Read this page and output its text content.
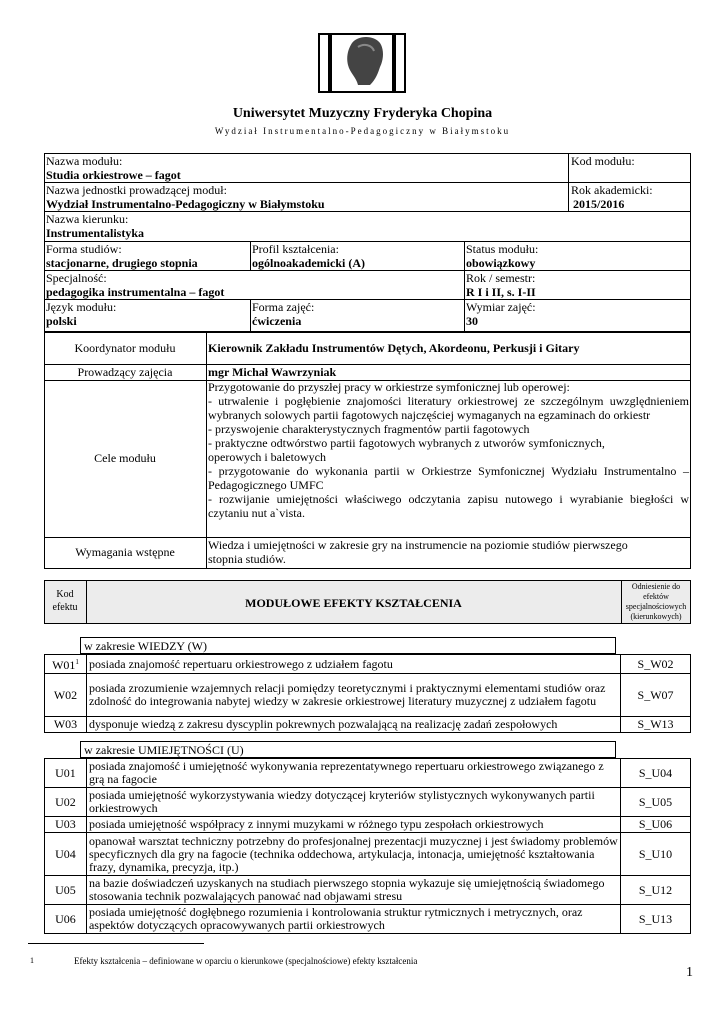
Uniwersytet Muzyczny Fryderyka Chopina
Wydział Instrumentalno-Pedagogiczny w Białymstoku
Nazwa modułu:
Studia orkiestrowe – fagot
Kod modułu:
Nazwa jednostki prowadzącej moduł:
Wydział Instrumentalno-Pedagogiczny w Białymstoku
Rok akademicki:
2015/2016
Nazwa kierunku:
Instrumentalistyka
Forma studiów:
stacjonarne, drugiego stopnia
Profil kształcenia:
ogólnoakademicki (A)
Status modułu:
obowiązkowy
Specjalność:
pedagogika instrumentalna – fagot
Rok / semestr:
R I i II, s. I-II
Język modułu:
polski
Forma zajęć:
ćwiczenia
Wymiar zajęć:
30
Koordynator modułu	Kierownik Zakładu Instrumentów Dętych, Akordeonu, Perkusji i Gitary
Prowadzący zajęcia	mgr Michał Wawrzyniak
Cele modułu
Przygotowanie do przyszłej pracy w orkiestrze symfonicznej lub operowej:
- utrwalenie i pogłębienie znajomości literatury orkiestrowej ze szczególnym uwzględnieniem wybranych solowych partii fagotowych najczęściej wymaganych na egzaminach do orkiestr
- przyswojenie charakterystycznych fragmentów partii fagotowych
- praktyczne odtwórstwo partii fagotowych wybranych z utworów symfonicznych, operowych i baletowych
- przygotowanie do wykonania partii w Orkiestrze Symfonicznej Wydziału Instrumentalno – Pedagogicznego UMFC
- rozwijanie umiejętności właściwego odczytania zapisu nutowego i wyrabianie biegłości w czytaniu nut a`vista.
Wymagania wstępne	Wiedza i umiejętności w zakresie gry na instrumencie na poziomie studiów pierwszego stopnia studiów.
Kod efektu	MODUŁOWE EFEKTY KSZTAŁCENIA
Odniesienie do efektów specjalnościowych (kierunkowych)
w zakresie WIEDZY (W)
$W01^1$	posiada znajomość repertuaru orkiestrowego z udziałem fagotu	S_W02
W02	posiada zrozumienie wzajemnych relacji pomiędzy teoretycznymi i praktycznymi elementami studiów oraz zdolność do integrowania nabytej wiedzy w zakresie orkiestrowej literatury muzycznej z udziałem fagotu	S_W07
W03	dysponuje wiedzą z zakresu dyscyplin pokrewnych pozwalającą na realizację zadań zespołowych	S_W13
w zakresie UMIEJĘTNOŚCI (U)
U01	posiada znajomość i umiejętność wykonywania reprezentatywnego repertuaru orkiestrowego związanego z grą na fagocie	S_U04
U02	posiada umiejętność wykorzystywania wiedzy dotyczącej kryteriów stylistycznych wykonywanych partii orkiestrowych	S_U05
U03	posiada umiejętność współpracy z innymi muzykami w różnego typu zespołach orkiestrowych	S_U06
U04	opanował warsztat techniczny potrzebny do profesjonalnej prezentacji muzycznej i jest świadomy problemów specyficznych dla gry na fagocie (technika oddechowa, artykulacja, intonacja, umiejętność kształtowania frazy, dynamika, precyzja, itp.)	S_U10
U05	na bazie doświadczeń uzyskanych na studiach pierwszego stopnia wykazuje się umiejętnością świadomego stosowania technik pozwalających panować nad objawami stresu	S_U12
U06	posiada umiejętność dogłębnego rozumienia i kontrolowania struktur rytmicznych i metrycznych, oraz aspektów dotyczących opracowywanych partii orkiestrowych	S_U13
1	Efekty kształcenia – definiowane w oparciu o kierunkowe (specjalnościowe) efekty kształcenia
1
